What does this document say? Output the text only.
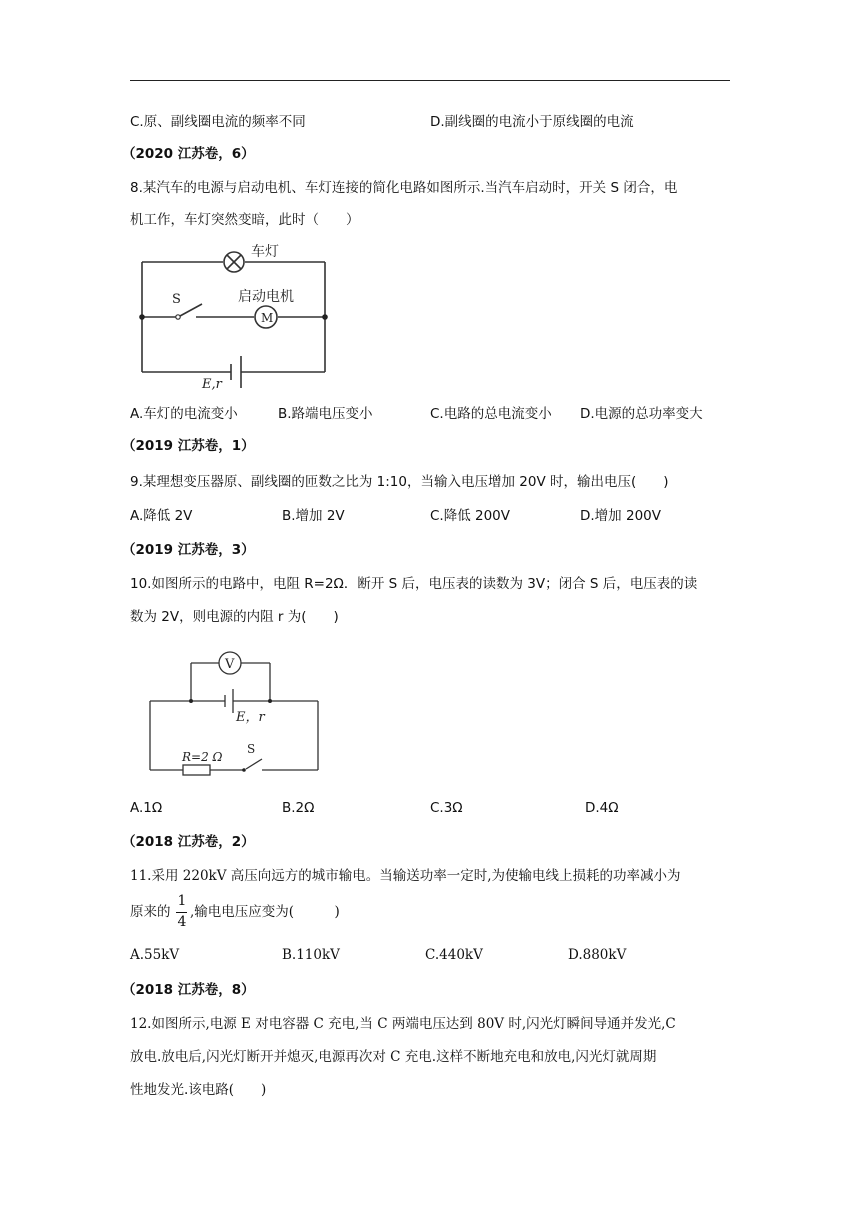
C.原、副线圈电流的频率不同	D.副线圈的电流小于原线圈的电流
（2020 江苏卷，6）
8.某汽车的电源与启动电机、车灯连接的简化电路如图所示.当汽车启动时，开关 S 闭合，电
机工作，车灯突然变暗，此时（　　）
车灯
S	启动电机
M
E,r
A.车灯的电流变小	B.路端电压变小	C.电路的总电流变小 D.电源的总功率变大
（2019 江苏卷，1）
9.某理想变压器原、副线圈的匝数之比为 1:10，当输入电压增加 20V 时，输出电压(　　)
A.降低 2V	B.增加 2V	C.降低 200V	D.增加 200V
（2019 江苏卷，3）
10.如图所示的电路中，电阻 R=2Ω．断开 S 后，电压表的读数为 3V；闭合 S 后，电压表的读
数为 2V，则电源的内阻 r 为(　　)
V
E，r
R=2 Ω
S
A.1Ω	B.2Ω	C.3Ω	D.4Ω
（2018 江苏卷，2）
11.采用 220kV 高压向远方的城市输电。当输送功率一定时,为使输电线上损耗的功率减小为
原来的
1
4
,输电电压应变为(　　　)
A.55kV	B.110kV	C.440kV	D.880kV
（2018 江苏卷，8）
12.如图所示,电源 E 对电容器 C 充电,当 C 两端电压达到 80V 时,闪光灯瞬间导通并发光,C
放电.放电后,闪光灯断开并熄灭,电源再次对 C 充电.这样不断地充电和放电,闪光灯就周期
性地发光.该电路(　　)
